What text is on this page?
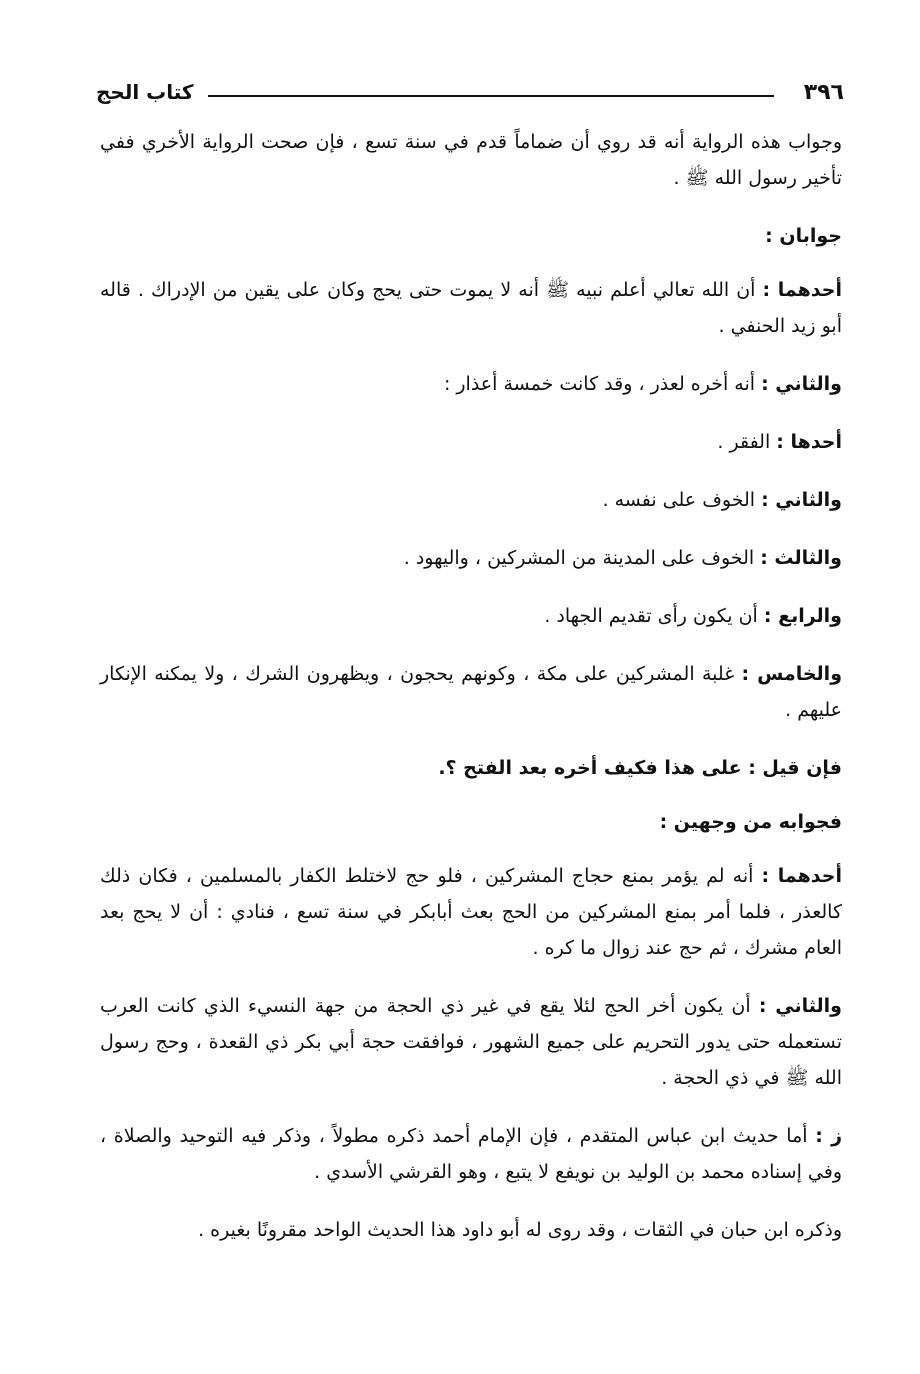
٣٩٦
كتاب الحج

وجواب هذه الرواية أنه قد روي أن ضماماً قدم في سنة تسع ، فإن صحت الرواية الأخري ففي تأخير رسول الله ﷺ .

جوابان :

أحدهما : أن الله تعالي أعلم نبيه ﷺ أنه لا يموت حتى يحج وكان على يقين من الإدراك . قاله أبو زيد الحنفي .

والثاني : أنه أخره لعذر ، وقد كانت خمسة أعذار :

أحدها : الفقر .

والثاني : الخوف على نفسه .

والثالث : الخوف على المدينة من المشركين ، واليهود .

والرابع : أن يكون رأى تقديم الجهاد .

والخامس : غلبة المشركين على مكة ، وكونهم يحجون ، ويظهرون الشرك ، ولا يمكنه الإنكار عليهم .

فإن قيل : على هذا فكيف أخره بعد الفتح ؟.

فجوابه من وجهين :

أحدهما : أنه لم يؤمر بمنع حجاج المشركين ، فلو حج لاختلط الكفار بالمسلمين ، فكان ذلك كالعذر ، فلما أمر بمنع المشركين من الحج بعث أبابكر في سنة تسع ، فنادي : أن لا يحج بعد العام مشرك ، ثم حج عند زوال ما كره .

والثاني : أن يكون أخر الحج لئلا يقع في غير ذي الحجة من جهة النسيء الذي كانت العرب تستعمله حتى يدور التحريم على جميع الشهور ، فوافقت حجة أبي بكر ذي القعدة ، وحج رسول الله ﷺ في ذي الحجة .

ز : أما حديث ابن عباس المتقدم ، فإن الإمام أحمد ذكره مطولاً ، وذكر فيه التوحيد والصلاة ، وفي إسناده محمد بن الوليد بن نويفع لا يتبع ، وهو القرشي الأسدي .

وذكره ابن حبان في الثقات ، وقد روى له أبو داود هذا الحديث الواحد مقرونًا بغيره .
